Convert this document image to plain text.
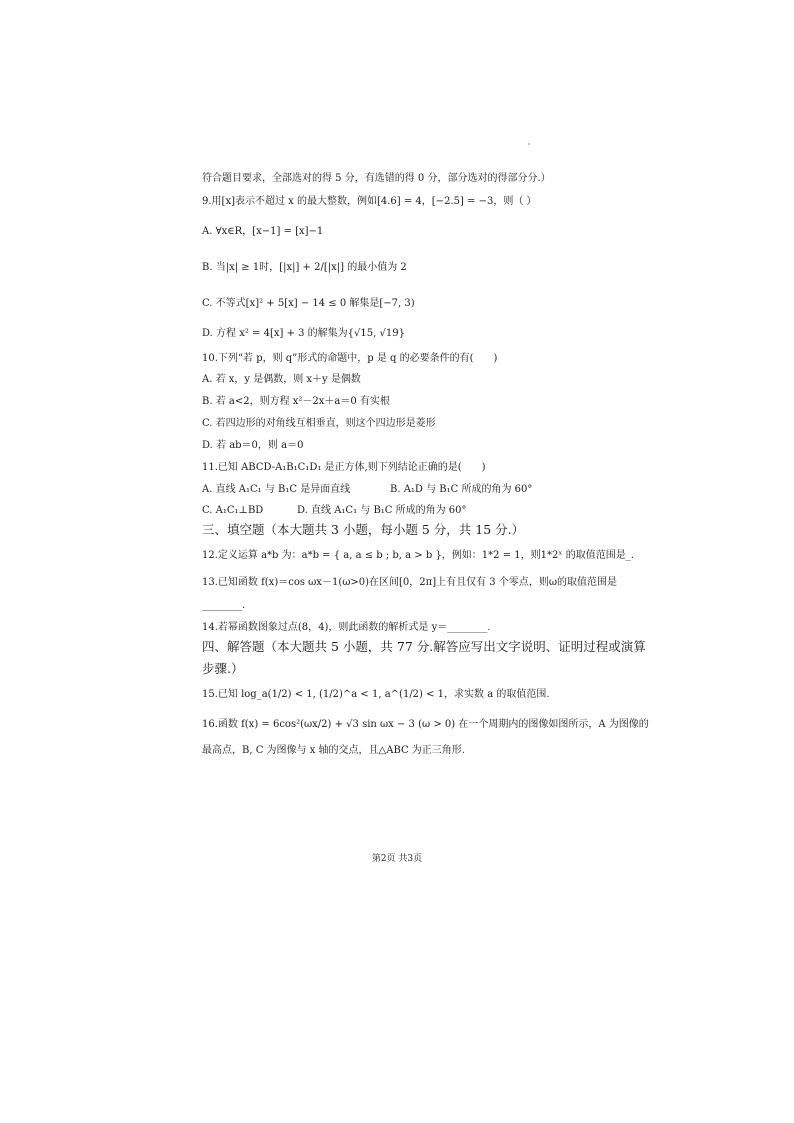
符合题目要求，全部选对的得 5 分，有选错的得 0 分，部分选对的得部分分.）
9.用[x]表示不超过 x 的最大整数，例如[4.6] = 4，[−2.5] = −3，则（ ）
A. ∀x∈R，[x−1] = [x]−1
B. 当|x| ≥ 1时，[|x|] + 2/[|x|] 的最小值为 2
C. 不等式[x]² + 5[x] − 14 ≤ 0 解集是[−7, 3)
D. 方程 x² = 4[x] + 3 的解集为{√15, √19}
10.下列“若 p，则 q”形式的命题中，p 是 q 的必要条件的有(　　)
A. 若 x，y 是偶数，则 x＋y 是偶数
B. 若 a<2，则方程 x²－2x＋a＝0 有实根
C. 若四边形的对角线互相垂直，则这个四边形是菱形
D. 若 ab＝0，则 a＝0
11.已知 ABCD-A₁B₁C₁D₁ 是正方体,则下列结论正确的是(　　)
A. 直线 A₁C₁ 与 B₁C 是异面直线	B. A₁D 与 B₁C 所成的角为 60°
C. A₁C₁⊥BD	D. 直线 A₁C₁ 与 B₁C 所成的角为 60°
三、填空题（本大题共 3 小题，每小题 5 分，共 15 分.）
12.定义运算 a*b 为：a*b = { a, a ≤ b ; b, a > b }，例如：1*2 = 1，则1*2ˣ 的取值范围是_.
13.已知函数 f(x)＝cos ωx－1(ω>0)在区间[0，2π]上有且仅有 3 个零点，则ω的取值范围是
________.
14.若幂函数图象过点(8，4)，则此函数的解析式是 y＝________.
四、解答题（本大题共 5 小题，共 77 分.解答应写出文字说明、证明过程或演算
步骤.）
15.已知 log_a(1/2) < 1, (1/2)^a < 1, a^(1/2) < 1，求实数 a 的取值范围.
16.函数 f(x) = 6cos²(ωx/2) + √3 sin ωx − 3 (ω > 0) 在一个周期内的图像如图所示，A 为图像的
最高点，B, C 为图像与 x 轴的交点，且△ABC 为正三角形.
第2页 共3页
